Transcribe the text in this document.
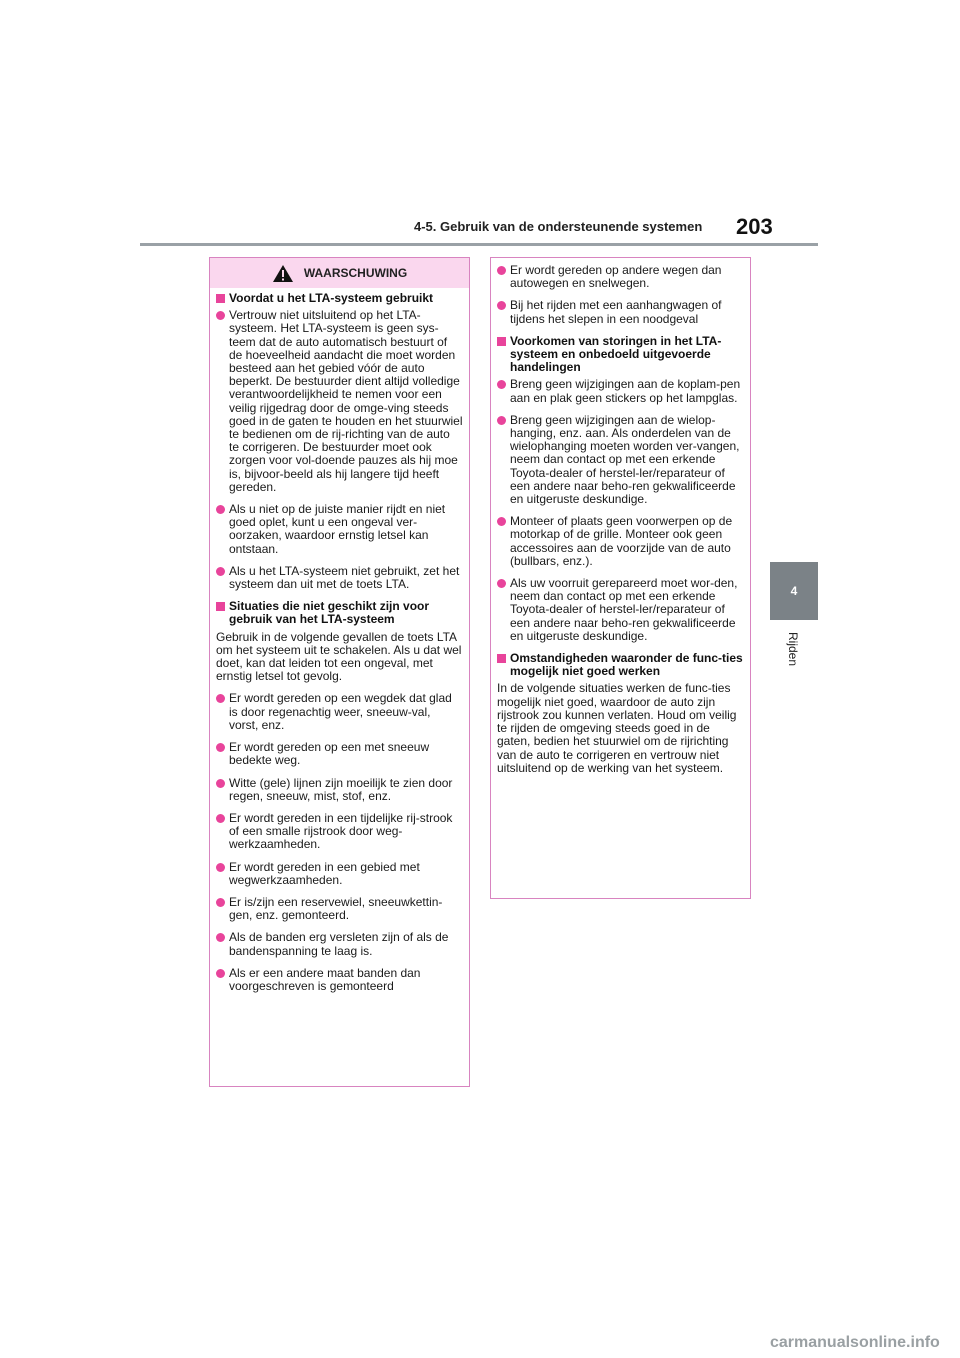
4-5. Gebruik van de ondersteunende systemen 203
4
Rijden
WAARSCHUWING
Voordat u het LTA-systeem gebruikt
Vertrouw niet uitsluitend op het LTA-systeem. Het LTA-systeem is geen sys-teem dat de auto automatisch bestuurt of de hoeveelheid aandacht die moet worden besteed aan het gebied vóór de auto beperkt. De bestuurder dient altijd volledige verantwoordelijkheid te nemen voor een veilig rijgedrag door de omge-ving steeds goed in de gaten te houden en het stuurwiel te bedienen om de rij-richting van de auto te corrigeren. De bestuurder moet ook zorgen voor vol-doende pauzes als hij moe is, bijvoor-beeld als hij langere tijd heeft gereden.
Als u niet op de juiste manier rijdt en niet goed oplet, kunt u een ongeval ver-oorzaken, waardoor ernstig letsel kan ontstaan.
Als u het LTA-systeem niet gebruikt, zet het systeem dan uit met de toets LTA.
Situaties die niet geschikt zijn voor gebruik van het LTA-systeem
Gebruik in de volgende gevallen de toets LTA om het systeem uit te schakelen. Als u dat wel doet, kan dat leiden tot een ongeval, met ernstig letsel tot gevolg.
Er wordt gereden op een wegdek dat glad is door regenachtig weer, sneeuw-val, vorst, enz.
Er wordt gereden op een met sneeuw bedekte weg.
Witte (gele) lijnen zijn moeilijk te zien door regen, sneeuw, mist, stof, enz.
Er wordt gereden in een tijdelijke rij-strook of een smalle rijstrook door weg-werkzaamheden.
Er wordt gereden in een gebied met wegwerkzaamheden.
Er is/zijn een reservewiel, sneeuwkettin-gen, enz. gemonteerd.
Als de banden erg versleten zijn of als de bandenspanning te laag is.
Als er een andere maat banden dan voorgeschreven is gemonteerd
Er wordt gereden op andere wegen dan autowegen en snelwegen.
Bij het rijden met een aanhangwagen of tijdens het slepen in een noodgeval
Voorkomen van storingen in het LTA-systeem en onbedoeld uitgevoerde handelingen
Breng geen wijzigingen aan de koplam-pen aan en plak geen stickers op het lampglas.
Breng geen wijzigingen aan de wielop-hanging, enz. aan. Als onderdelen van de wielophanging moeten worden ver-vangen, neem dan contact op met een erkende Toyota-dealer of herstel-ler/reparateur of een andere naar beho-ren gekwalificeerde en uitgeruste deskundige.
Monteer of plaats geen voorwerpen op de motorkap of de grille. Monteer ook geen accessoires aan de voorzijde van de auto (bullbars, enz.).
Als uw voorruit gerepareerd moet wor-den, neem dan contact op met een erkende Toyota-dealer of herstel-ler/reparateur of een andere naar beho-ren gekwalificeerde en uitgeruste deskundige.
Omstandigheden waaronder de func-ties mogelijk niet goed werken
In de volgende situaties werken de func-ties mogelijk niet goed, waardoor de auto zijn rijstrook zou kunnen verlaten. Houd om veilig te rijden de omgeving steeds goed in de gaten, bedien het stuurwiel om de rijrichting van de auto te corrigeren en vertrouw niet uitsluitend op de werking van het systeem.
carmanualsonline.info
